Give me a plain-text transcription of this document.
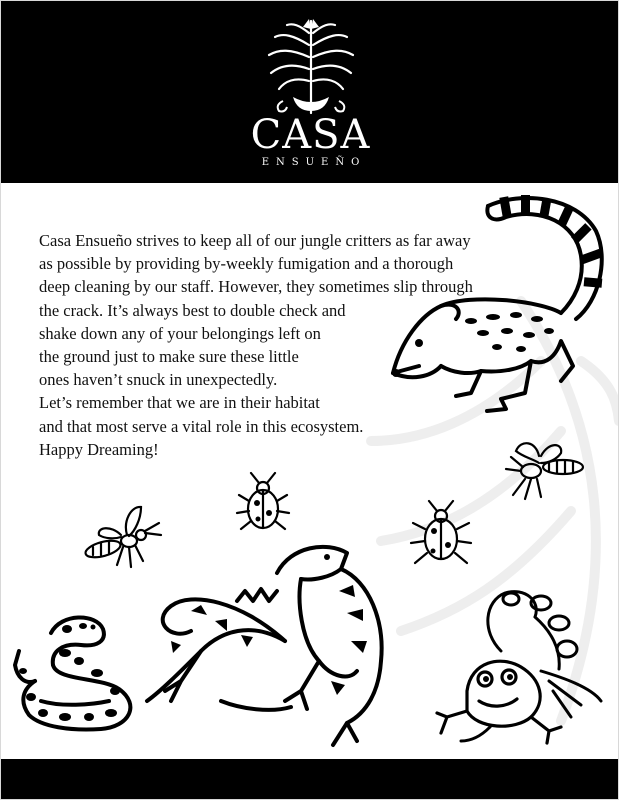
CASA
ENSUEÑO
Casa Ensueño strives to keep all of our jungle critters as far away
as possible by providing by-weekly fumigation and a thorough
deep cleaning by our staff. However, they sometimes slip through
the crack. It’s always best to double check and
shake down any of your belongings left on
the ground just to make sure these little
ones haven’t snuck in unexpectedly.
Let’s remember that we are in their habitat
and that most serve a vital role in this ecosystem.
Happy Dreaming!
